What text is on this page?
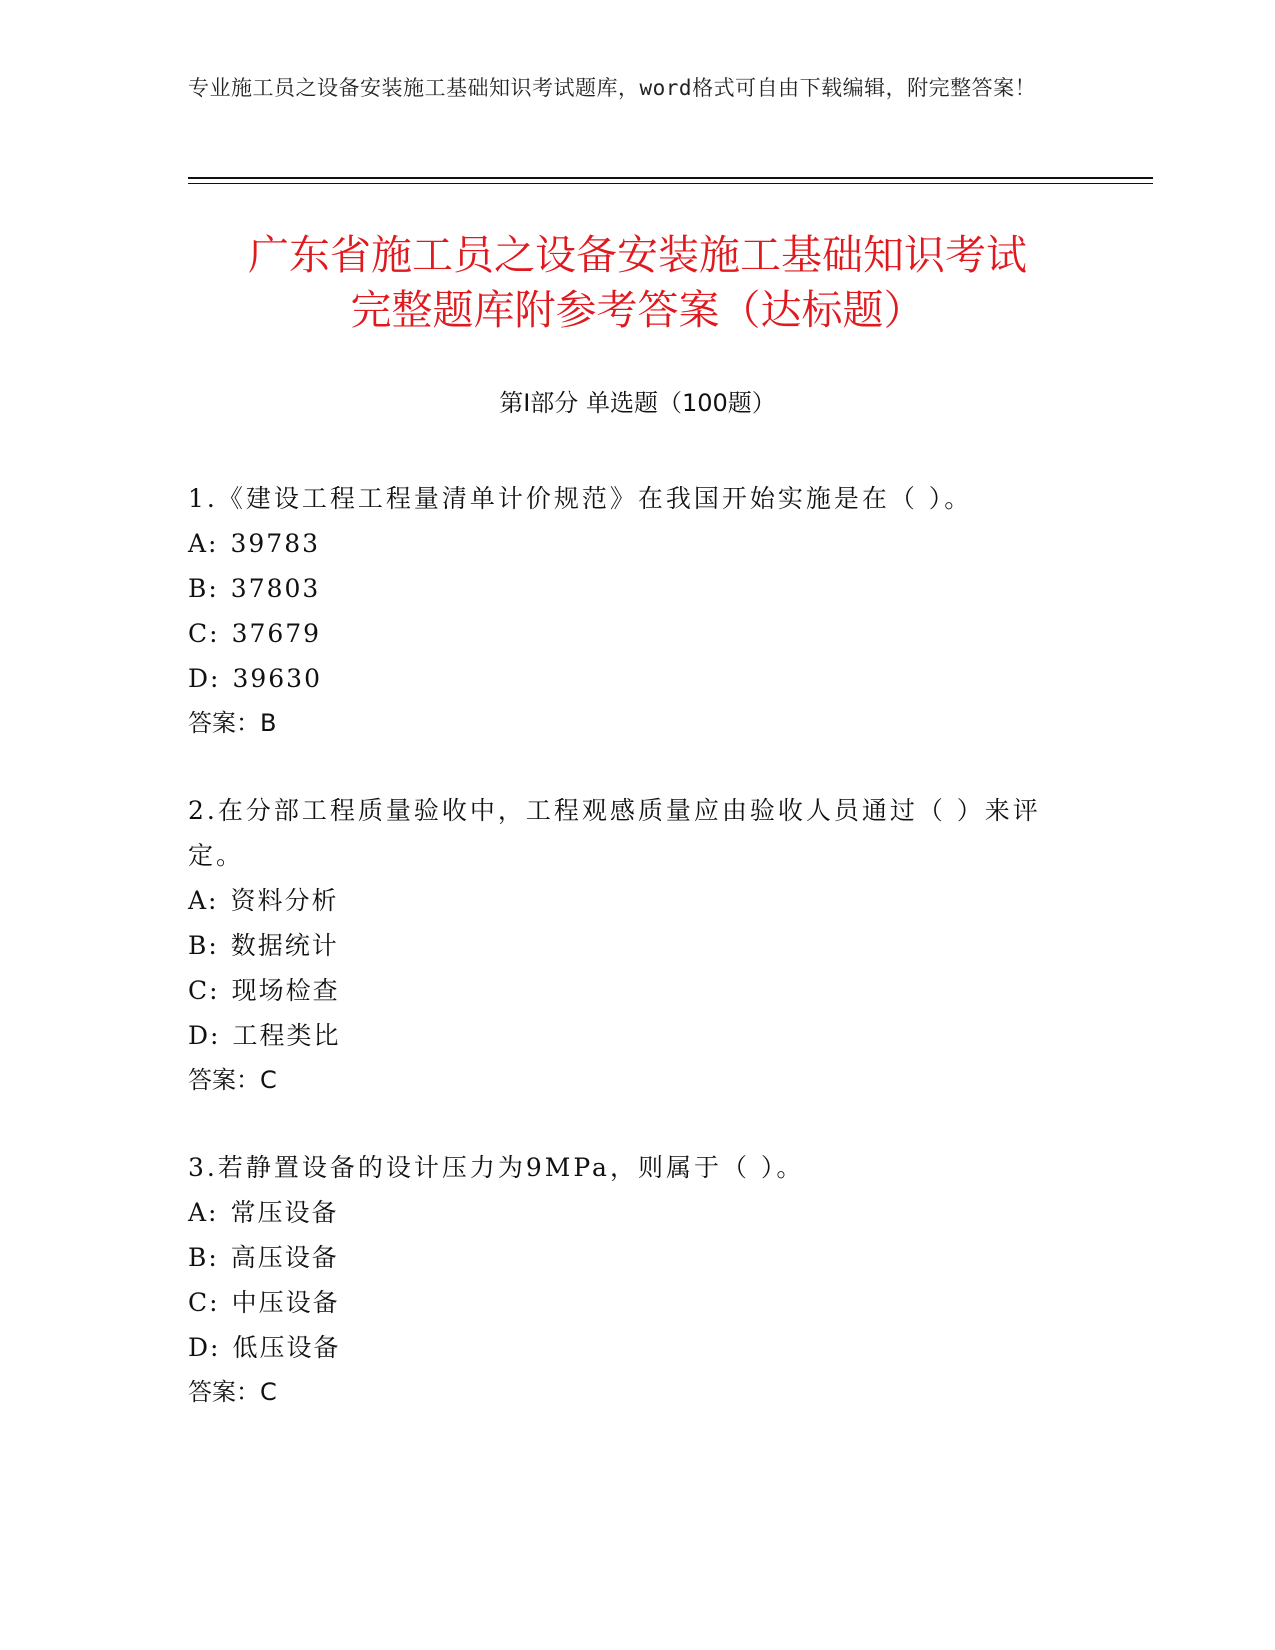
专业施工员之设备安装施工基础知识考试题库，word格式可自由下载编辑，附完整答案！
广东省施工员之设备安装施工基础知识考试
完整题库附参考答案（达标题）
第Ⅰ部分 单选题（100题）
1.《建设工程工程量清单计价规范》在我国开始实施是在（ ）。
A: 39783
B: 37803
C: 37679
D: 39630
答案：B
2.在分部工程质量验收中，工程观感质量应由验收人员通过（ ）来评定。
A: 资料分析
B: 数据统计
C: 现场检查
D: 工程类比
答案：C
3.若静置设备的设计压力为9MPa，则属于（ ）。
A: 常压设备
B: 高压设备
C: 中压设备
D: 低压设备
答案：C
